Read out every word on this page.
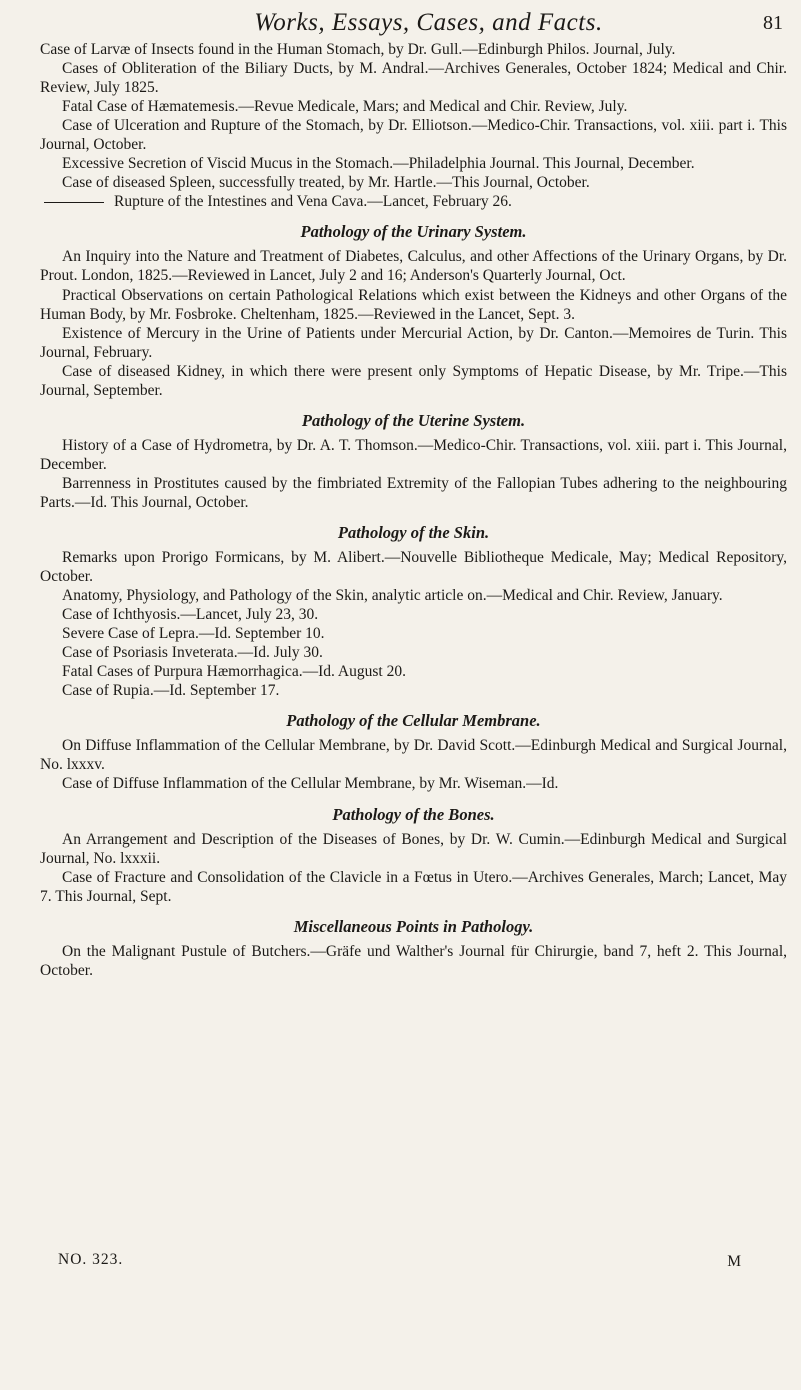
Works, Essays, Cases, and Facts.	81

Case of Larvæ of Insects found in the Human Stomach, by Dr. Gull.—Edinburgh Philos. Journal, July.

Cases of Obliteration of the Biliary Ducts, by M. Andral.—Archives Generales, October 1824; Medical and Chir. Review, July 1825.

Fatal Case of Hæmatemesis.—Revue Medicale, Mars; and Medical and Chir. Review, July.

Case of Ulceration and Rupture of the Stomach, by Dr. Elliotson.—Medico-Chir. Transactions, vol. xiii. part i. This Journal, October.

Excessive Secretion of Viscid Mucus in the Stomach.—Philadelphia Journal. This Journal, December.

Case of diseased Spleen, successfully treated, by Mr. Hartle.—This Journal, October.

Rupture of the Intestines and Vena Cava.—Lancet, February 26.

Pathology of the Urinary System.

An Inquiry into the Nature and Treatment of Diabetes, Calculus, and other Affections of the Urinary Organs, by Dr. Prout. London, 1825.—Reviewed in Lancet, July 2 and 16; Anderson's Quarterly Journal, Oct.

Practical Observations on certain Pathological Relations which exist between the Kidneys and other Organs of the Human Body, by Mr. Fosbroke. Cheltenham, 1825.—Reviewed in the Lancet, Sept. 3.

Existence of Mercury in the Urine of Patients under Mercurial Action, by Dr. Canton.—Memoires de Turin. This Journal, February.

Case of diseased Kidney, in which there were present only Symptoms of Hepatic Disease, by Mr. Tripe.—This Journal, September.

Pathology of the Uterine System.

History of a Case of Hydrometra, by Dr. A. T. Thomson.—Medico-Chir. Transactions, vol. xiii. part i. This Journal, December.

Barrenness in Prostitutes caused by the fimbriated Extremity of the Fallopian Tubes adhering to the neighbouring Parts.—Id. This Journal, October.

Pathology of the Skin.

Remarks upon Prorigo Formicans, by M. Alibert.—Nouvelle Bibliotheque Medicale, May; Medical Repository, October.

Anatomy, Physiology, and Pathology of the Skin, analytic article on.—Medical and Chir. Review, January.

Case of Ichthyosis.—Lancet, July 23, 30.

Severe Case of Lepra.—Id. September 10.

Case of Psoriasis Inveterata.—Id. July 30.

Fatal Cases of Purpura Hæmorrhagica.—Id. August 20.

Case of Rupia.—Id. September 17.

Pathology of the Cellular Membrane.

On Diffuse Inflammation of the Cellular Membrane, by Dr. David Scott.—Edinburgh Medical and Surgical Journal, No. lxxxv.

Case of Diffuse Inflammation of the Cellular Membrane, by Mr. Wiseman.—Id.

Pathology of the Bones.

An Arrangement and Description of the Diseases of Bones, by Dr. W. Cumin.—Edinburgh Medical and Surgical Journal, No. lxxxii.

Case of Fracture and Consolidation of the Clavicle in a Fœtus in Utero.—Archives Generales, March; Lancet, May 7. This Journal, Sept.

Miscellaneous Points in Pathology.

On the Malignant Pustule of Butchers.—Gräfe und Walther's Journal für Chirurgie, band 7, heft 2. This Journal, October.

NO. 323.	M
